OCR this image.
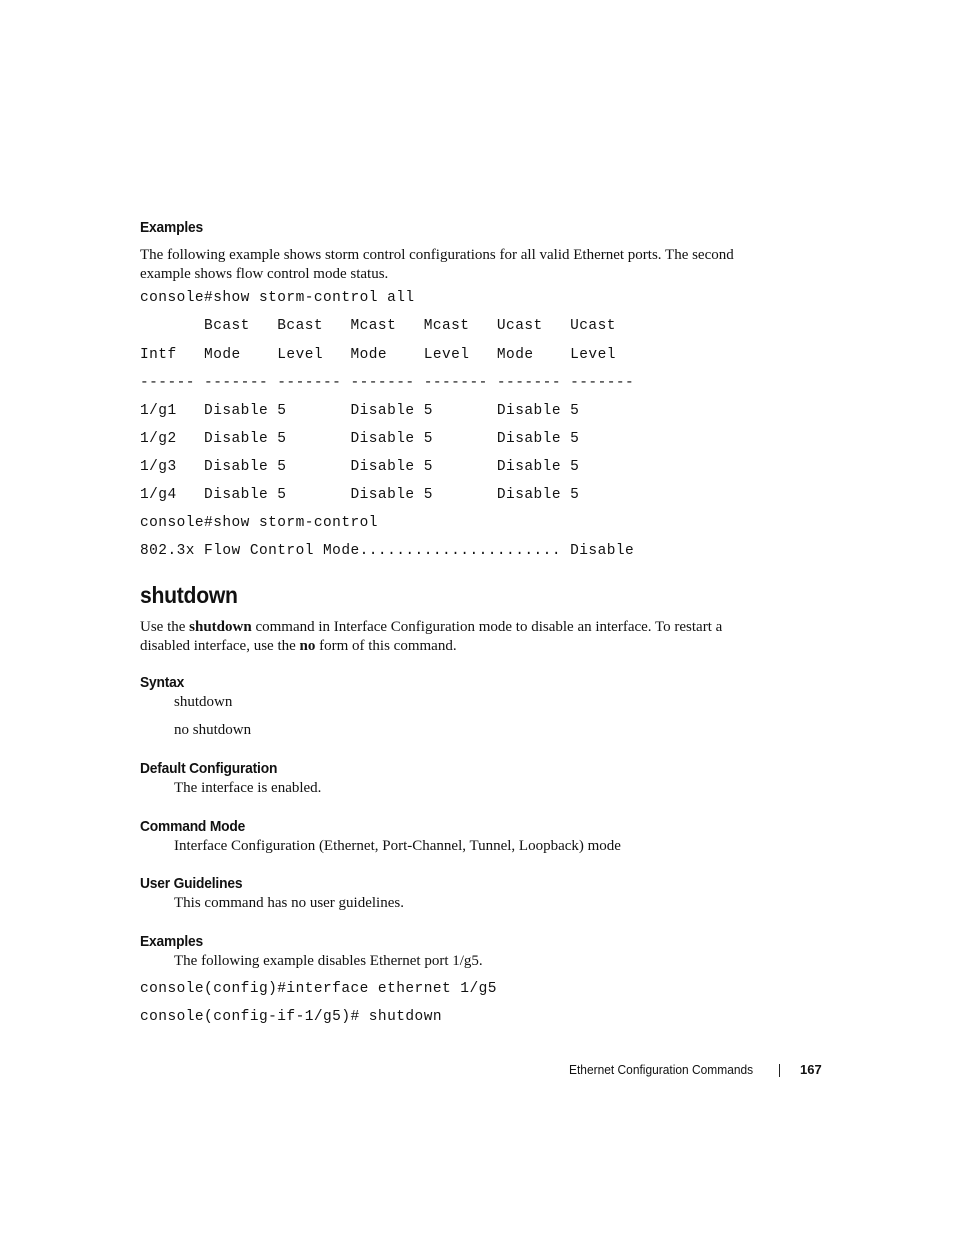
Examples

The following example shows storm control configurations for all valid Ethernet ports. The second example shows flow control mode status.

console#show storm-control all
Bcast   Bcast   Mcast   Mcast   Ucast   Ucast
Intf   Mode    Level   Mode    Level   Mode    Level
------ ------- ------- ------- ------- ------- -------
1/g1   Disable 5       Disable 5       Disable 5
1/g2   Disable 5       Disable 5       Disable 5
1/g3   Disable 5       Disable 5       Disable 5
1/g4   Disable 5       Disable 5       Disable 5
console#show storm-control
802.3x Flow Control Mode...................... Disable
shutdown

Use the shutdown command in Interface Configuration mode to disable an interface. To restart a disabled interface, use the no form of this command.

Syntax
shutdown
no shutdown
Default Configuration
The interface is enabled.
Command Mode
Interface Configuration (Ethernet, Port-Channel, Tunnel, Loopback) mode
User Guidelines
This command has no user guidelines.
Examples
The following example disables Ethernet port 1/g5.
console(config)#interface ethernet 1/g5
console(config-if-1/g5)# shutdown
Ethernet Configuration Commands	167
